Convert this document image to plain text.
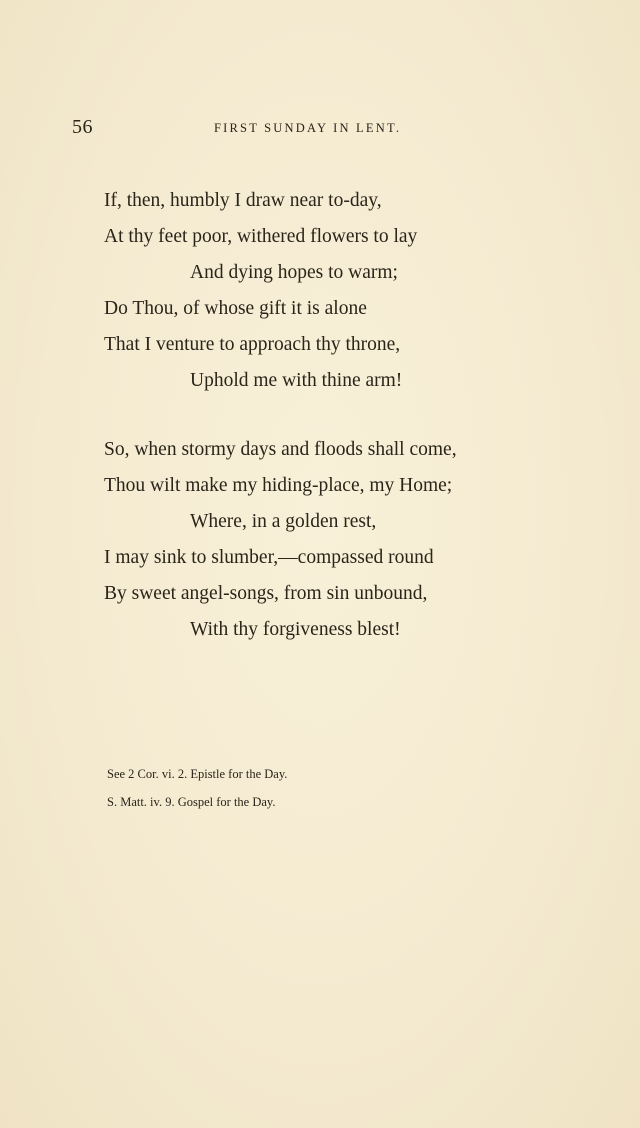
56	FIRST SUNDAY IN LENT.
If, then, humbly I draw near to-day,
At thy feet poor, withered flowers to lay
And dying hopes to warm;
Do Thou, of whose gift it is alone
That I venture to approach thy throne,
Uphold me with thine arm!
So, when stormy days and floods shall come,
Thou wilt make my hiding-place, my Home;
Where, in a golden rest,
I may sink to slumber,—compassed round
By sweet angel-songs, from sin unbound,
With thy forgiveness blest!
See 2 Cor. vi. 2. Epistle for the Day.
S. Matt. iv. 9. Gospel for the Day.
